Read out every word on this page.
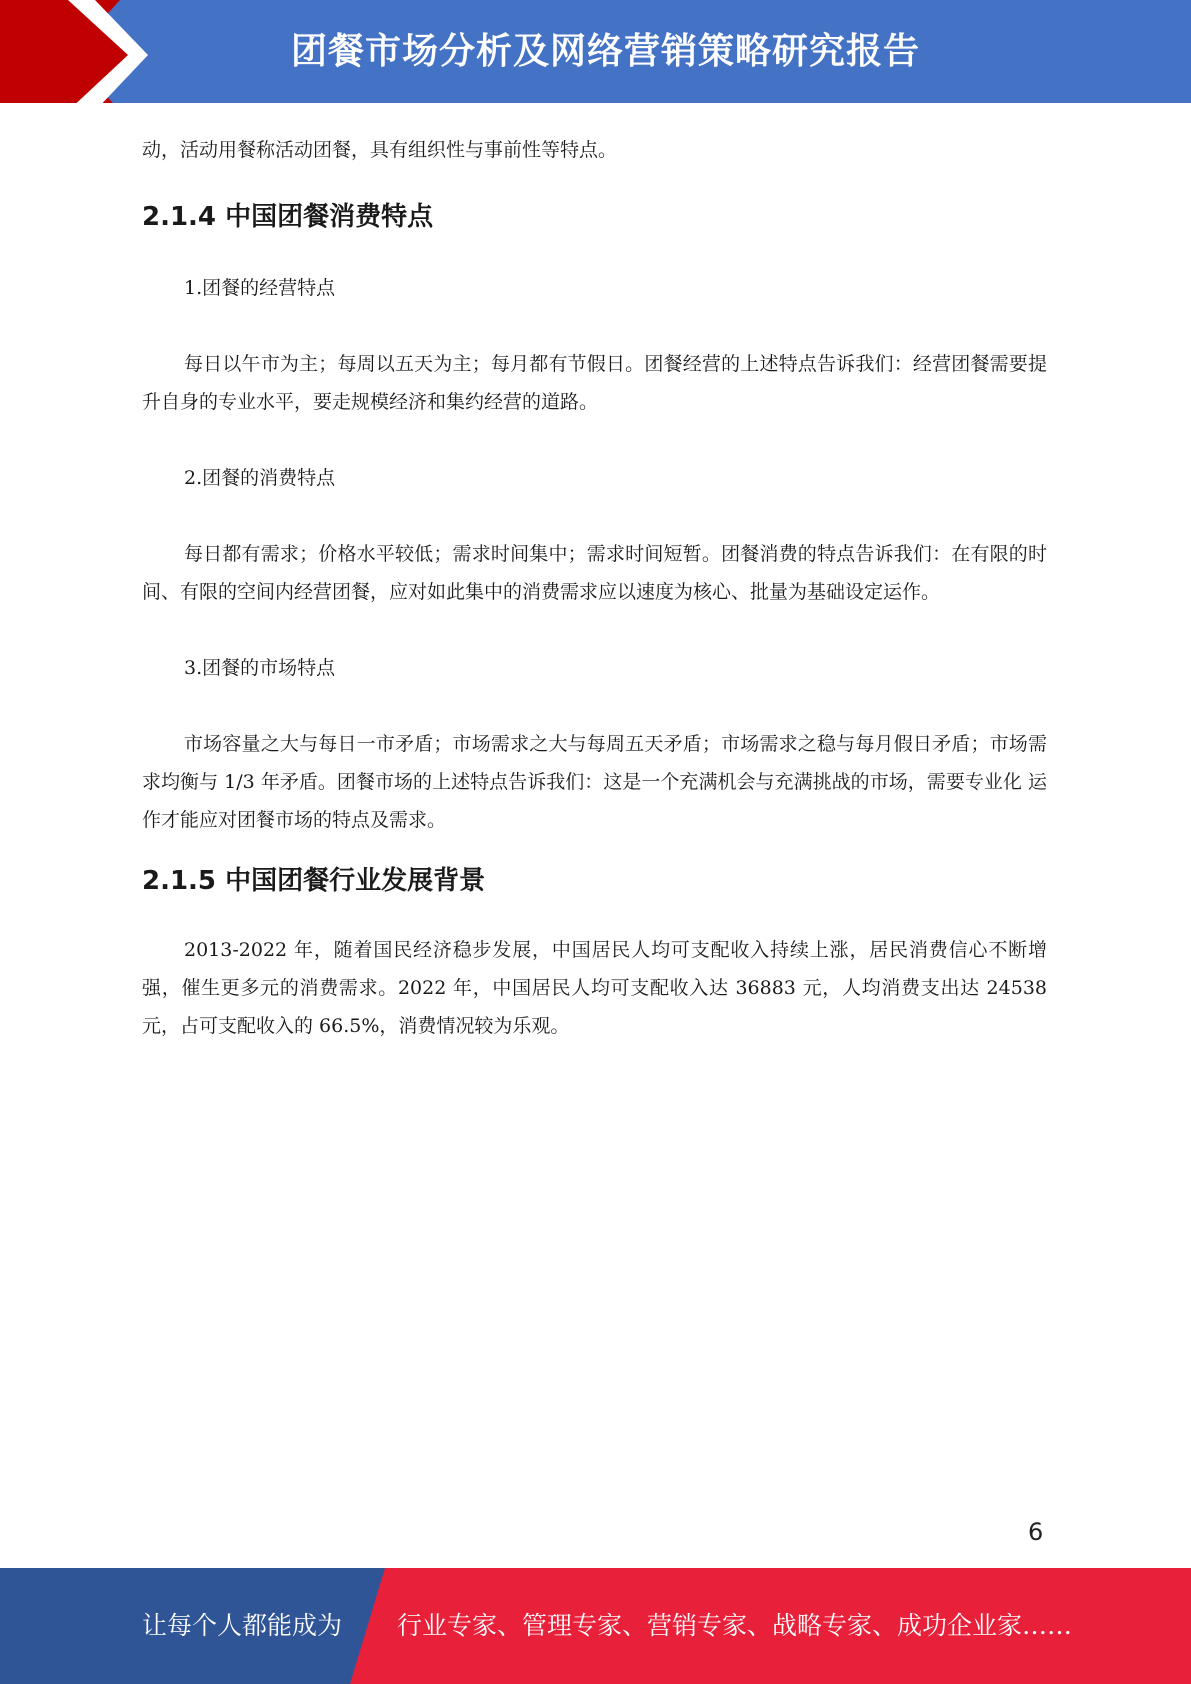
团餐市场分析及网络营销策略研究报告

动，活动用餐称活动团餐，具有组织性与事前性等特点。

2.1.4 中国团餐消费特点

1.团餐的经营特点

每日以午市为主；每周以五天为主；每月都有节假日。团餐经营的上述特点告诉我们：经营团餐需要提升自身的专业水平，要走规模经济和集约经营的道路。

2.团餐的消费特点

每日都有需求；价格水平较低；需求时间集中；需求时间短暂。团餐消费的特点告诉我们：在有限的时间、有限的空间内经营团餐，应对如此集中的消费需求应以速度为核心、批量为基础设定运作。

3.团餐的市场特点

市场容量之大与每日一市矛盾；市场需求之大与每周五天矛盾；市场需求之稳与每月假日矛盾；市场需求均衡与 1/3 年矛盾。团餐市场的上述特点告诉我们：这是一个充满机会与充满挑战的市场，需要专业化 运作才能应对团餐市场的特点及需求。

2.1.5 中国团餐行业发展背景

2013-2022 年，随着国民经济稳步发展，中国居民人均可支配收入持续上涨，居民消费信心不断增强，催生更多元的消费需求。2022 年，中国居民人均可支配收入达 36883 元，人均消费支出达 24538 元，占可支配收入的 66.5%，消费情况较为乐观。

6
让每个人都能成为 行业专家、管理专家、营销专家、战略专家、成功企业家……
